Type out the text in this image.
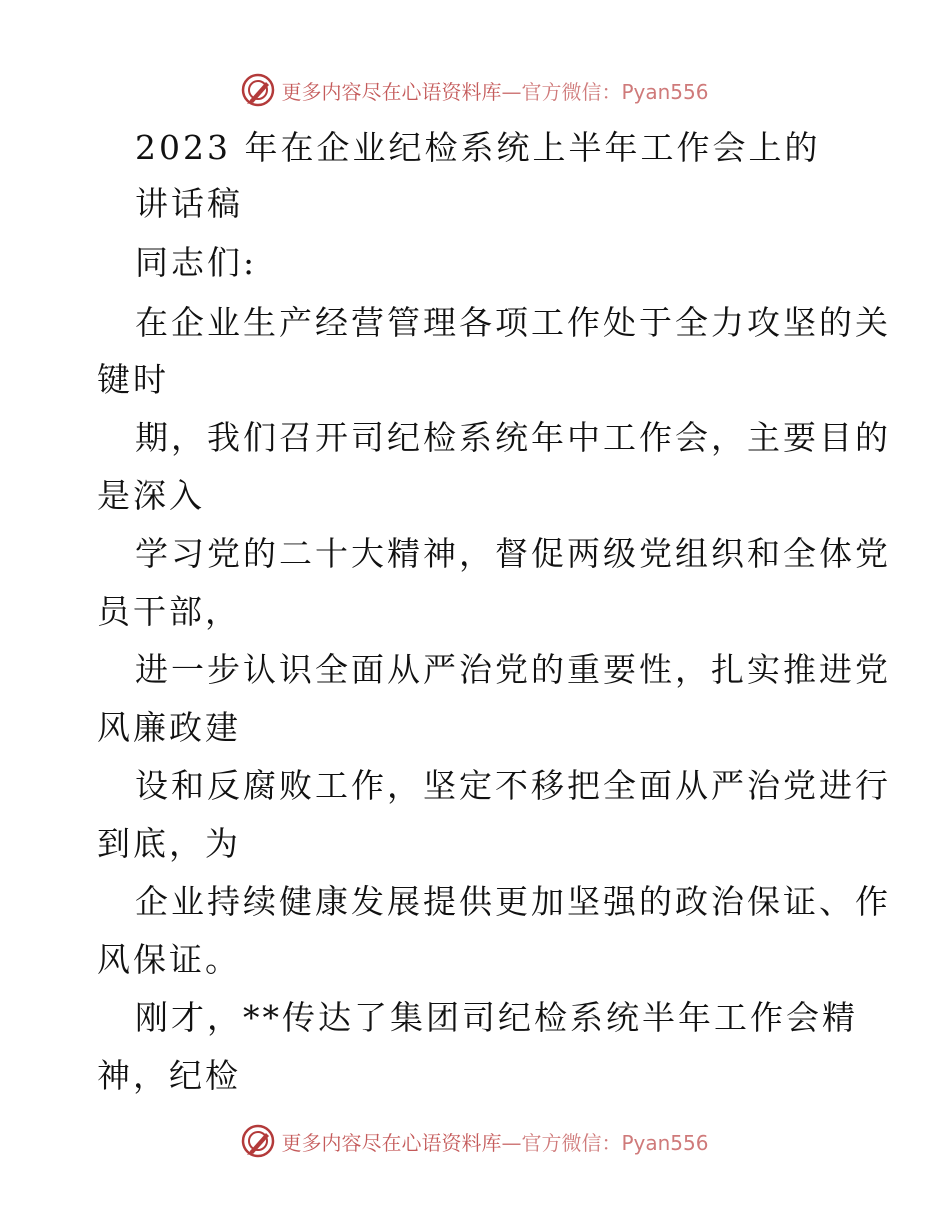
更多内容尽在心语资料库—官方微信：Pyan556
2023 年在企业纪检系统上半年工作会上的
讲话稿
同志们:
在企业生产经营管理各项工作处于全力攻坚的关
键时
期，我们召开司纪检系统年中工作会，主要目的
是深入
学习党的二十大精神，督促两级党组织和全体党
员干部，
进一步认识全面从严治党的重要性，扎实推进党
风廉政建
设和反腐败工作，坚定不移把全面从严治党进行
到底，为
企业持续健康发展提供更加坚强的政治保证、作
风保证。
刚才，**传达了集团司纪检系统半年工作会精
神，纪检
更多内容尽在心语资料库—官方微信：Pyan556
